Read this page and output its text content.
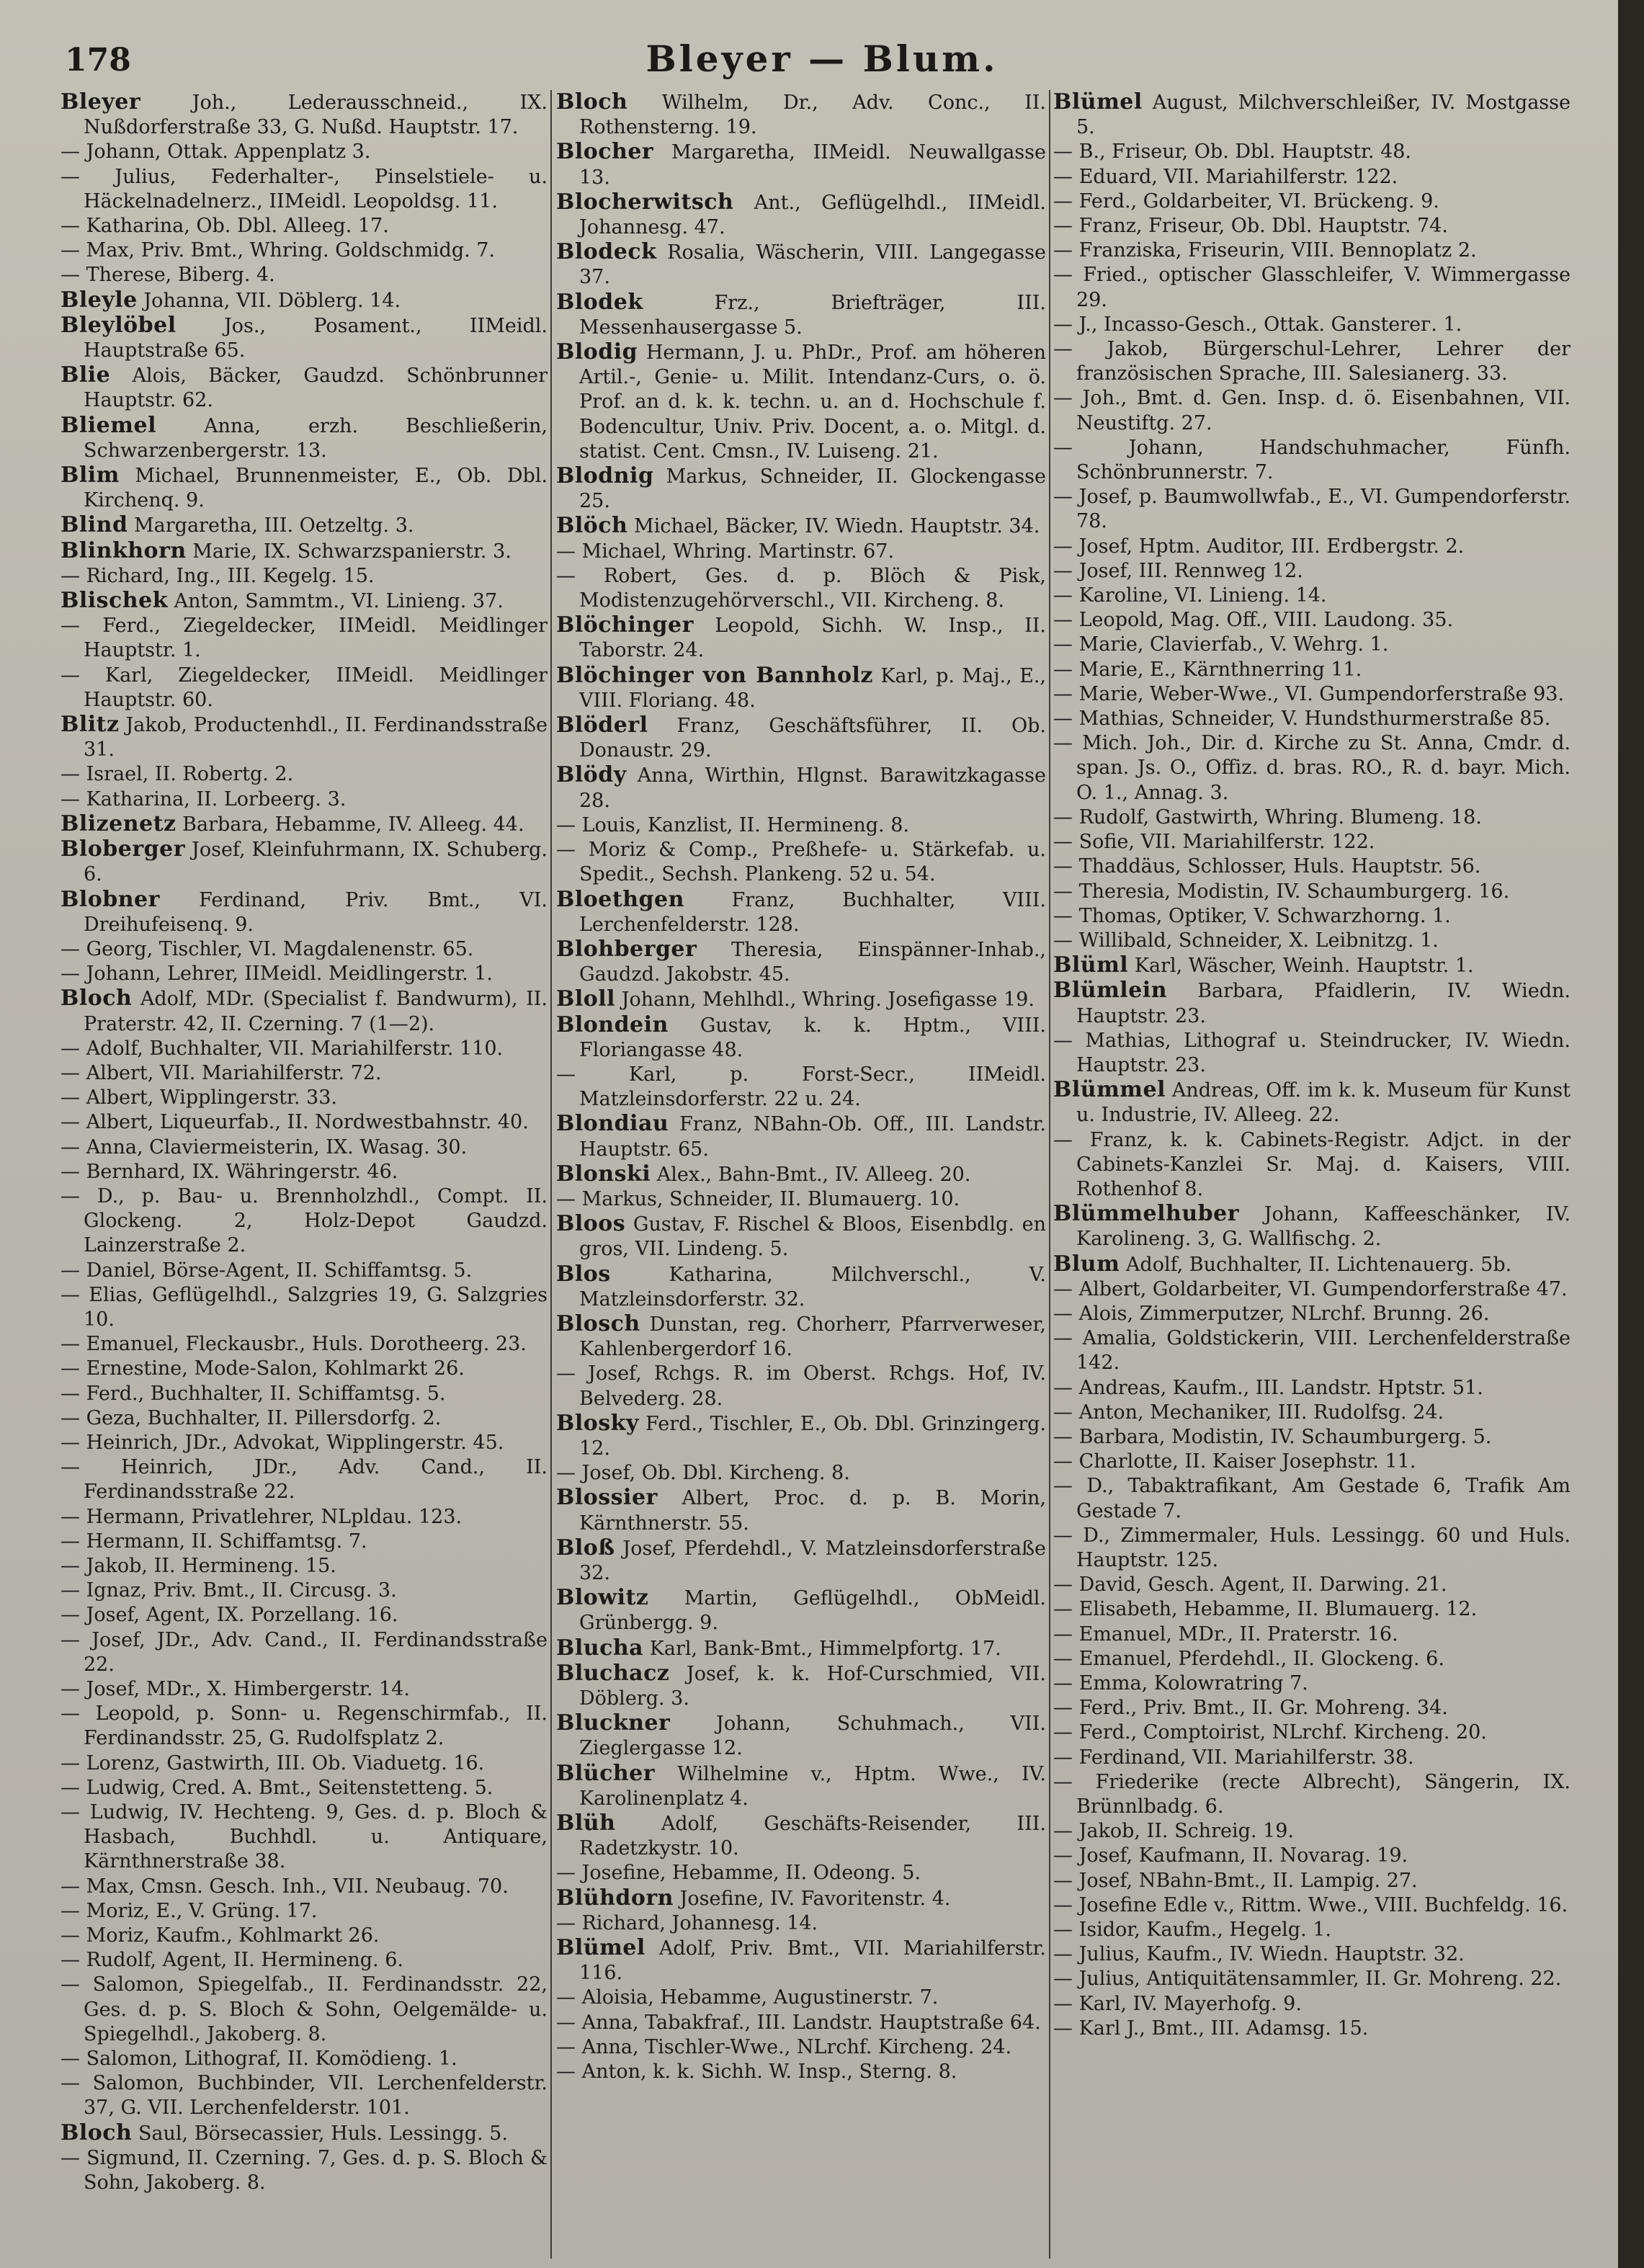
178	Bleyer — Blum.

Bleyer	Joh., Lederausschneid., IX. Nußdorferstraße 33, G. Nußd. Hauptstr. 17.

— Johann, Ottak. Appenplatz 3.

— Julius, Federhalter-, Pinselstiele- u. Häckelnadelnerz., IIMeidl. Leopoldsg. 11.

— Katharina, Ob. Dbl. Alleeg. 17.

— Max, Priv. Bmt., Whring. Goldschmidg. 7.

— Therese, Biberg. 4.

Bleyle Johanna, VII. Döblerg. 14.

Bleylöbel Jos., Posament., IIMeidl. Hauptstraße 65.

Blie Alois, Bäcker, Gaudzd. Schönbrunner Hauptstr. 62.

Bliemel Anna, erzh. Beschließerin, Schwarzenbergerstr. 13.

Blim Michael, Brunnenmeister, E., Ob. Dbl. Kirchenq. 9.

Blind Margaretha, III. Oetzeltg. 3.

Blinkhorn Marie, IX. Schwarzspanierstr. 3.

— Richard, Ing., III. Kegelg. 15.

Blischek Anton, Sammtm., VI. Linieng. 37.

— Ferd., Ziegeldecker, IIMeidl. Meidlinger Hauptstr. 1.

— Karl, Ziegeldecker, IIMeidl. Meidlinger Hauptstr. 60.

Blitz Jakob, Productenhdl., II. Ferdinandsstraße 31.

— Israel, II. Robertg. 2.

— Katharina, II. Lorbeerg. 3.

Blizenetz Barbara, Hebamme, IV. Alleeg. 44.

Bloberger Josef, Kleinfuhrmann, IX. Schuberg. 6.

Blobner Ferdinand, Priv. Bmt., VI. Dreihufeisenq. 9.

— Georg, Tischler, VI. Magdalenenstr. 65.

— Johann, Lehrer, IIMeidl. Meidlingerstr. 1.

Bloch Adolf, MDr. (Specialist f. Bandwurm), II. Praterstr. 42, II. Czerning. 7 (1—2).

— Adolf, Buchhalter, VII. Mariahilferstr. 110.

— Albert, VII. Mariahilferstr. 72.

— Albert, Wipplingerstr. 33.

— Albert, Liqueurfab., II. Nordwestbahnstr. 40.

— Anna, Claviermeisterin, IX. Wasag. 30.

— Bernhard, IX. Währingerstr. 46.

— D., p. Bau- u. Brennholzhdl., Compt. II. Glockeng. 2, Holz-Depot Gaudzd. Lainzerstraße 2.

— Daniel, Börse-Agent, II. Schiffamtsg. 5.

— Elias, Geflügelhdl., Salzgries 19, G. Salzgries 10.

— Emanuel, Fleckausbr., Huls. Dorotheerg. 23.

— Ernestine, Mode-Salon, Kohlmarkt 26.

— Ferd., Buchhalter, II. Schiffamtsg. 5.

— Geza, Buchhalter, II. Pillersdorfg. 2.

— Heinrich, JDr., Advokat, Wipplingerstr. 45.

— Heinrich, JDr., Adv. Cand., II. Ferdinandsstraße 22.

— Hermann, Privatlehrer, NLpldau. 123.

— Hermann, II. Schiffamtsg. 7.

— Jakob, II. Hermineng. 15.

— Ignaz, Priv. Bmt., II. Circusg. 3.

— Josef, Agent, IX. Porzellang. 16.

— Josef, JDr., Adv. Cand., II. Ferdinandsstraße 22.

— Josef, MDr., X. Himbergerstr. 14.

— Leopold, p. Sonn- u. Regenschirmfab., II. Ferdinandsstr. 25, G. Rudolfsplatz 2.

— Lorenz, Gastwirth, III. Ob. Viaduetg. 16.

— Ludwig, Cred. A. Bmt., Seitenstetteng. 5.

— Ludwig, IV. Hechteng. 9, Ges. d. p. Bloch & Hasbach, Buchhdl. u. Antiquare, Kärnthnerstraße 38.

— Max, Cmsn. Gesch. Inh., VII. Neubaug. 70.

— Moriz, E., V. Grüng. 17.

— Moriz, Kaufm., Kohlmarkt 26.

— Rudolf, Agent, II. Hermineng. 6.

— Salomon, Spiegelfab., II. Ferdinandsstr. 22, Ges. d. p. S. Bloch & Sohn, Oelgemälde- u. Spiegelhdl., Jakoberg. 8.

— Salomon, Lithograf, II. Komödieng. 1.

— Salomon, Buchbinder, VII. Lerchenfelderstr. 37, G. VII. Lerchenfelderstr. 101.

Bloch Saul, Börsecassier, Huls. Lessingg. 5.

— Sigmund, II. Czerning. 7, Ges. d. p. S. Bloch & Sohn, Jakoberg. 8.

Bloch Wilhelm, Dr., Adv. Conc., II. Rothensterng. 19.

Blocher Margaretha, IIMeidl. Neuwallgasse 13.

Blocherwitsch Ant., Geflügelhdl., IIMeidl. Johannesg. 47.

Blodeck Rosalia, Wäscherin, VIII. Langegasse 37.

Blodek	Frz., Briefträger, III. Messenhausergasse 5.

Blodig Hermann, J. u. PhDr., Prof. am höheren Artil.-, Genie- u. Milit. Intendanz-Curs, o. ö. Prof. an d. k. k. techn. u. an d. Hochschule f. Bodencultur, Univ. Priv. Docent, a. o. Mitgl. d. statist. Cent. Cmsn., IV. Luiseng. 21.

Blodnig Markus, Schneider, II. Glockengasse 25.

Blöch Michael, Bäcker, IV. Wiedn. Hauptstr. 34.

— Michael, Whring. Martinstr. 67.

— Robert, Ges. d. p. Blöch & Pisk, Modistenzugehörverschl., VII. Kircheng. 8.

Blöchinger Leopold, Sichh. W. Insp., II. Taborstr. 24.

Blöchinger von Bannholz Karl, p. Maj., E., VIII. Floriang. 48.

Blöderl Franz, Geschäftsführer, II. Ob. Donaustr. 29.

Blödy Anna, Wirthin, Hlgnst. Barawitzkagasse 28.

— Louis, Kanzlist, II. Hermineng. 8.

— Moriz & Comp., Preßhefe- u. Stärkefab. u. Spedit., Sechsh. Plankeng. 52 u. 54.

Bloethgen Franz, Buchhalter, VIII. Lerchenfelderstr. 128.

Blohberger Theresia, Einspänner-Inhab., Gaudzd. Jakobstr. 45.

Bloll Johann, Mehlhdl., Whring. Josefigasse 19.

Blondein Gustav, k. k. Hptm., VIII. Floriangasse 48.

— Karl, p. Forst-Secr., IIMeidl. Matzleinsdorferstr. 22 u. 24.

Blondiau Franz, NBahn-Ob. Off., III. Landstr. Hauptstr. 65.

Blonski Alex., Bahn-Bmt., IV. Alleeg. 20.

— Markus, Schneider, II. Blumauerg. 10.

Bloos Gustav, F. Rischel & Bloos, Eisenbdlg. en gros, VII. Lindeng. 5.

Blos	Katharina, Milchverschl., V. Matzleinsdorferstr. 32.

Blosch Dunstan, reg. Chorherr, Pfarrverweser, Kahlenbergerdorf 16.

— Josef, Rchgs. R. im Oberst. Rchgs. Hof, IV. Belvederg. 28.

Blosky Ferd., Tischler, E., Ob. Dbl. Grinzingerg. 12.

— Josef, Ob. Dbl. Kircheng. 8.

Blossier Albert, Proc. d. p. B. Morin, Kärnthnerstr. 55.

Bloß Josef, Pferdehdl., V. Matzleinsdorferstraße 32.

Blowitz Martin, Geflügelhdl., ObMeidl. Grünbergg. 9.

Blucha Karl, Bank-Bmt., Himmelpfortg. 17.

Bluchacz Josef, k. k. Hof-Curschmied, VII. Döblerg. 3.

Bluckner Johann, Schuhmach., VII. Zieglergasse 12.

Blücher Wilhelmine v., Hptm. Wwe., IV. Karolinenplatz 4.

Blüh Adolf, Geschäfts-Reisender, III. Radetzkystr. 10.

— Josefine, Hebamme, II. Odeong. 5.

Blühdorn Josefine, IV. Favoritenstr. 4.

— Richard, Johannesg. 14.

Blümel Adolf, Priv. Bmt., VII. Mariahilferstr. 116.

— Aloisia, Hebamme, Augustinerstr. 7.

— Anna, Tabakfraf., III. Landstr. Hauptstraße 64.

— Anna, Tischler-Wwe., NLrchf. Kircheng. 24.

— Anton, k. k. Sichh. W. Insp., Sterng. 8.

Blümel August, Milchverschleißer, IV. Mostgasse 5.

— B., Friseur, Ob. Dbl. Hauptstr. 48.

— Eduard, VII. Mariahilferstr. 122.

— Ferd., Goldarbeiter, VI. Brückeng. 9.

— Franz, Friseur, Ob. Dbl. Hauptstr. 74.

— Franziska, Friseurin, VIII. Bennoplatz 2.

— Fried., optischer Glasschleifer, V. Wimmergasse 29.

— J., Incasso-Gesch., Ottak. Gansterег. 1.

— Jakob, Bürgerschul-Lehrer, Lehrer der französischen Sprache, III. Salesianerg. 33.

— Joh., Bmt. d. Gen. Insp. d. ö. Eisenbahnen, VII. Neustiftg. 27.

— Johann, Handschuhmacher, Fünfh. Schönbrunnerstr. 7.

— Josef, p. Baumwollwfab., E., VI. Gumpendorferstr. 78.

— Josef, Hptm. Auditor, III. Erdbergstr. 2.

— Josef, III. Rennweg 12.

— Karoline, VI. Linieng. 14.

— Leopold, Mag. Off., VIII. Laudong. 35.

— Marie, Clavierfab., V. Wehrg. 1.

— Marie, E., Kärnthnerring 11.

— Marie, Weber-Wwe., VI. Gumpendorferstraße 93.

— Mathias, Schneider, V. Hundsthurmerstraße 85.

— Mich. Joh., Dir. d. Kirche zu St. Anna, Cmdr. d. span. Js. O., Offiz. d. bras. RO., R. d. bayr. Mich. O. 1., Annag. 3.

— Rudolf, Gastwirth, Whring. Blumeng. 18.

— Sofie, VII. Mariahilferstr. 122.

— Thaddäus, Schlosser, Huls. Hauptstr. 56.

— Theresia, Modistin, IV. Schaumburgerg. 16.

— Thomas, Optiker, V. Schwarzhorng. 1.

— Willibald, Schneider, X. Leibnitzg. 1.

Blüml Karl, Wäscher, Weinh. Hauptstr. 1.

Blümlein Barbara, Pfaidlerin, IV. Wiedn. Hauptstr. 23.

— Mathias, Lithograf u. Steindrucker, IV. Wiedn. Hauptstr. 23.

Blümmel Andreas, Off. im k. k. Museum für Kunst u. Industrie, IV. Alleeg. 22.

— Franz, k. k. Cabinets-Registr. Adjct. in der Cabinets-Kanzlei Sr. Maj. d. Kaisers, VIII. Rothenhof 8.

Blümmelhuber Johann, Kaffeeschänker, IV. Karolineng. 3, G. Wallfischg. 2.

Blum Adolf, Buchhalter, II. Lichtenauerg. 5b.

— Albert, Goldarbeiter, VI. Gumpendorferstraße 47.

— Alois, Zimmerputzer, NLrchf. Brunng. 26.

— Amalia, Goldstickerin, VIII. Lerchenfelderstraße 142.

— Andreas, Kaufm., III. Landstr. Hptstr. 51.

— Anton, Mechaniker, III. Rudolfsg. 24.

— Barbara, Modistin, IV. Schaumburgerg. 5.

— Charlotte, II. Kaiser Josephstr. 11.

— D., Tabaktrafikant, Am Gestade 6, Trafik Am Gestade 7.

— D., Zimmermaler, Huls. Lessingg. 60 und Huls. Hauptstr. 125.

— David, Gesch. Agent, II. Darwing. 21.

— Elisabeth, Hebamme, II. Blumauerg. 12.

— Emanuel, MDr., II. Praterstr. 16.

— Emanuel, Pferdehdl., II. Glockeng. 6.

— Emma, Kolowratring 7.

— Ferd., Priv. Bmt., II. Gr. Mohreng. 34.

— Ferd., Comptoirist, NLrchf. Kircheng. 20.

— Ferdinand, VII. Mariahilferstr. 38.

— Friederike (recte Albrecht), Sängerin, IX. Brünnlbadg. 6.

— Jakob, II. Schreig. 19.

— Josef, Kaufmann, II. Novarag. 19.

— Josef, NBahn-Bmt., II. Lampig. 27.

— Josefine Edle v., Rittm. Wwe., VIII. Buchfeldg. 16.

— Isidor, Kaufm., Hegelg. 1.

— Julius, Kaufm., IV. Wiedn. Hauptstr. 32.

— Julius, Antiquitätensammler, II. Gr. Mohreng. 22.

— Karl, IV. Mayerhofg. 9.

— Karl J., Bmt., III. Adamsg. 15.
